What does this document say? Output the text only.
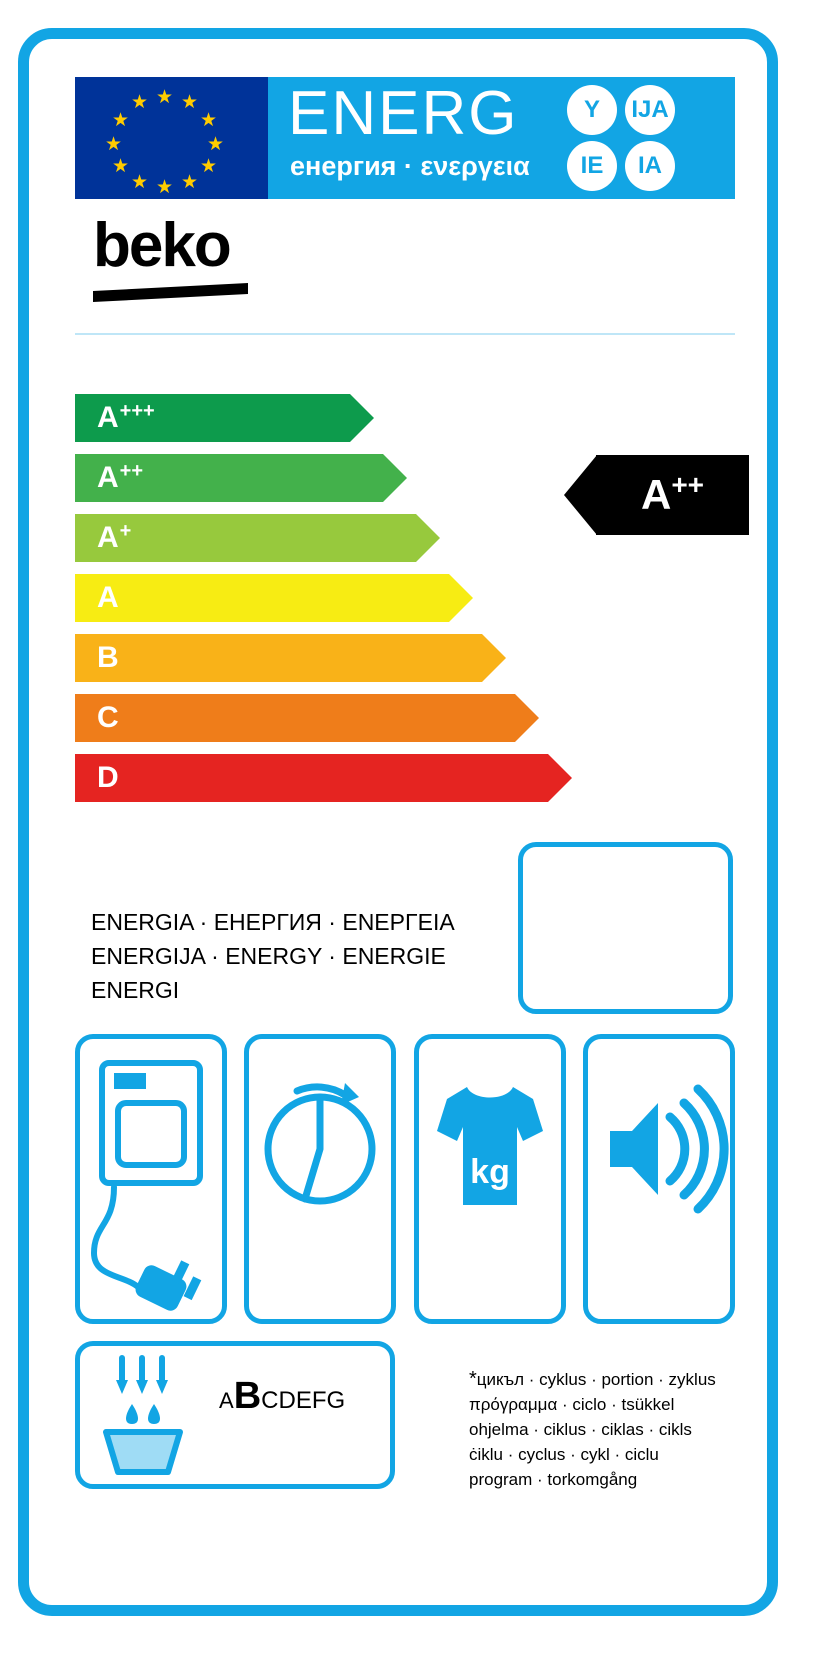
★ ★ ★
★	★
★	★
★	★
★ ★ ★
ENERG
енергия · ενεργεια
Y	IJA
IE	IA
beko
A +++
A ++
A +
A
B
C
D
A ++
ENERGIA · ЕНЕРГИЯ · ΕΝΕΡΓΕΙΑ
ENERGIJA · ENERGY · ENERGIE
ENERGI
kg
ABCDEFG
*цикъл · cyklus · portion · zyklus
πρόγραμμα · ciclo · tsükkel
ohjelma · ciklus · ciklas · cikls
ċiklu · cyclus · cykl · ciclu
program · torkomgång
